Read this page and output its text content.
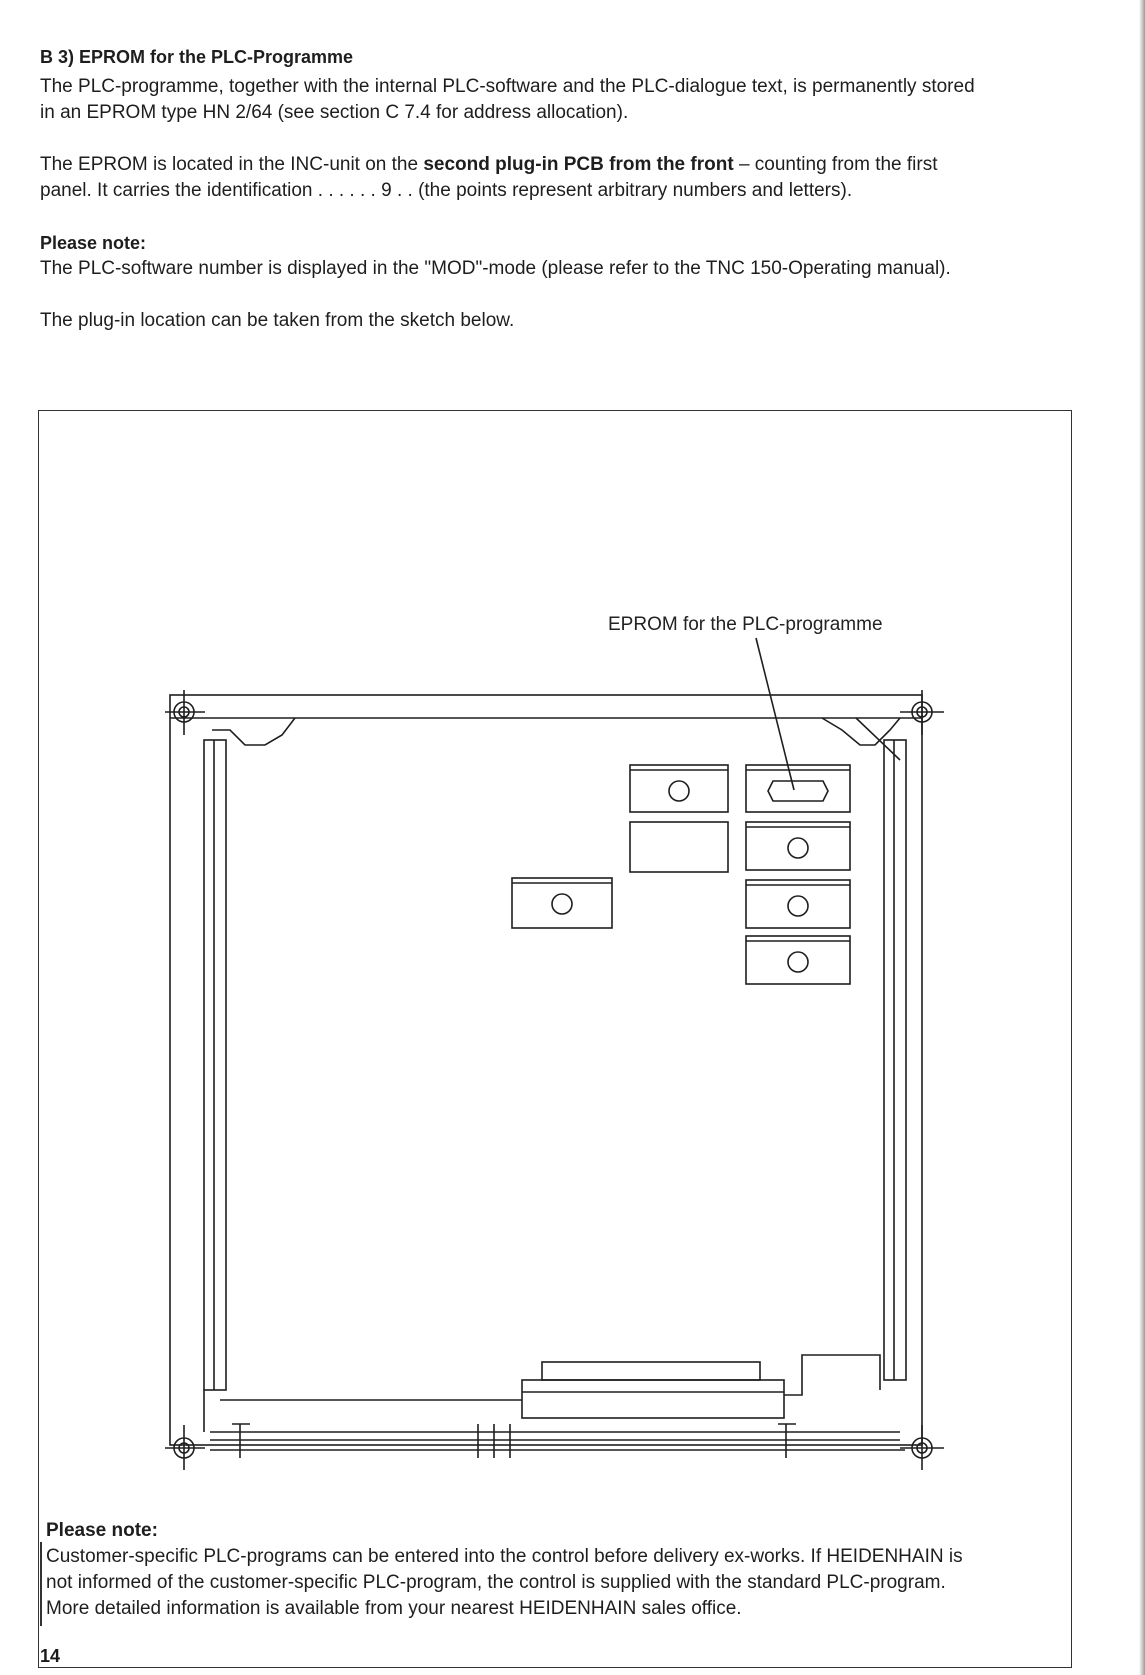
B 3) EPROM for the PLC-Programme
The PLC-programme, together with the internal PLC-software and the PLC-dialogue text, is permanently stored
in an EPROM type HN 2/64 (see section C 7.4 for address allocation).
The EPROM is located in the INC-unit on the second plug-in PCB from the front – counting from the first
panel. It carries the identification . . . . . . 9 . . (the points represent arbitrary numbers and letters).
Please note:
The PLC-software number is displayed in the "MOD"-mode (please refer to the TNC 150-Operating manual).
The plug-in location can be taken from the sketch below.
EPROM for the PLC-programme
Please note:
Customer-specific PLC-programs can be entered into the control before delivery ex-works. If HEIDENHAIN is
not informed of the customer-specific PLC-program, the control is supplied with the standard PLC-program.
More detailed information is available from your nearest HEIDENHAIN sales office.
14
